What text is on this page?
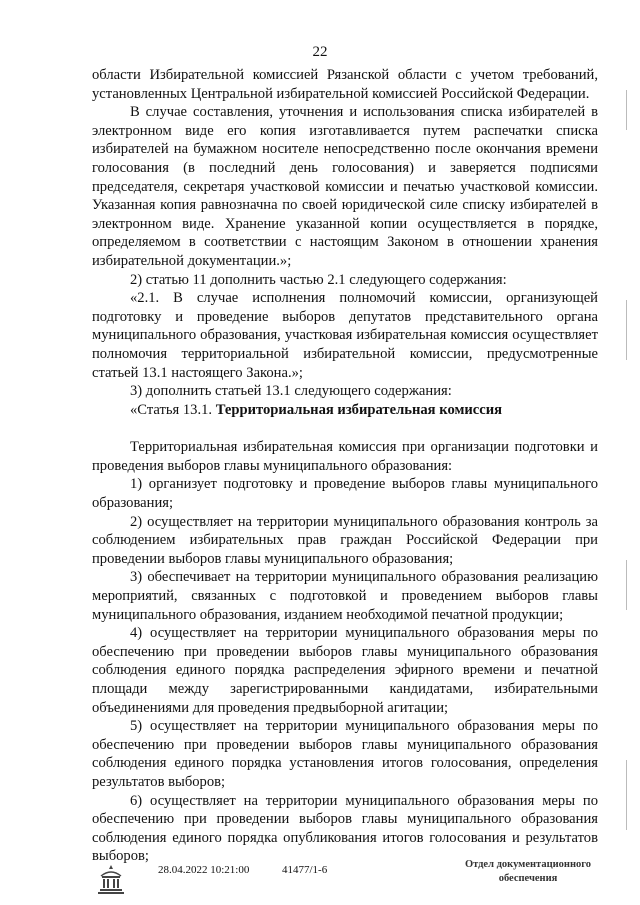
22

области Избирательной комиссией Рязанской области с учетом требований, установленных Центральной избирательной комиссией Российской Федерации.

В случае составления, уточнения и использования списка избирателей в электронном виде его копия изготавливается путем распечатки списка избирателей на бумажном носителе непосредственно после окончания времени голосования (в последний день голосования) и заверяется подписями председателя, секретаря участковой комиссии и печатью участковой комиссии. Указанная копия равнозначна по своей юридической силе списку избирателей в электронном виде. Хранение указанной копии осуществляется в порядке, определяемом в соответствии с настоящим Законом в отношении хранения избирательной документации.»;

2) статью 11 дополнить частью 2.1 следующего содержания:

«2.1. В случае исполнения полномочий комиссии, организующей подготовку и проведение выборов депутатов представительного органа муниципального образования, участковая избирательная комиссия осуществляет полномочия территориальной избирательной комиссии, предусмотренные статьей 13.1 настоящего Закона.»;

3) дополнить статьей 13.1 следующего содержания:

«Статья 13.1. Территориальная избирательная комиссия

Территориальная избирательная комиссия при организации подготовки и проведения выборов главы муниципального образования:

1) организует подготовку и проведение выборов главы муниципального образования;

2) осуществляет на территории муниципального образования контроль за соблюдением избирательных прав граждан Российской Федерации при проведении выборов главы муниципального образования;

3) обеспечивает на территории муниципального образования реализацию мероприятий, связанных с подготовкой и проведением выборов главы муниципального образования, изданием необходимой печатной продукции;

4) осуществляет на территории муниципального образования меры по обеспечению при проведении выборов главы муниципального образования соблюдения единого порядка распределения эфирного времени и печатной площади между зарегистрированными кандидатами, избирательными объединениями для проведения предвыборной агитации;

5) осуществляет на территории муниципального образования меры по обеспечению при проведении выборов главы муниципального образования соблюдения единого порядка установления итогов голосования, определения результатов выборов;

6) осуществляет на территории муниципального образования меры по обеспечению при проведении выборов главы муниципального образования соблюдения единого порядка опубликования итогов голосования и результатов выборов;

28.04.2022 10:21:00	41477/1-6	Отдел документационного
обеспечения
